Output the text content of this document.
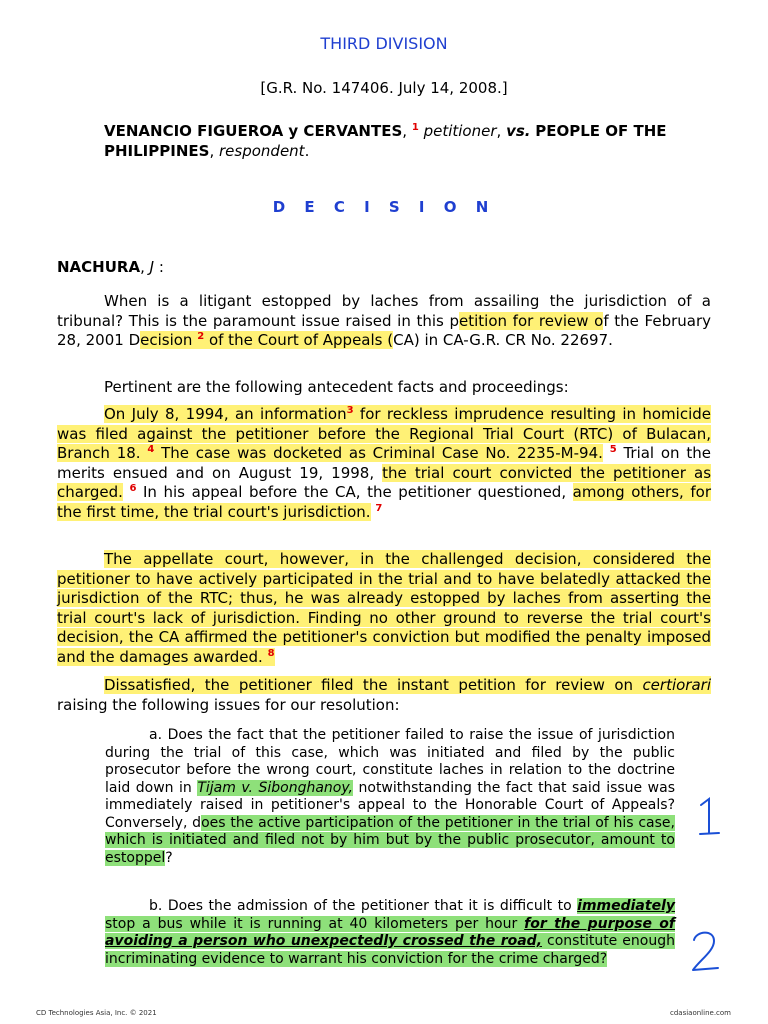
THIRD DIVISION
[G.R. No. 147406. July 14, 2008.]
VENANCIO FIGUEROA y CERVANTES, $^1$ petitioner, vs. PEOPLE OF THE PHILIPPINES, respondent.
D E C I S I O N
NACHURA, J :
When is a litigant estopped by laches from assailing the jurisdiction of a tribunal? This is the paramount issue raised in this petition for review of the February 28, 2001 Decision $^2$ of the Court of Appeals (CA) in CA-G.R. CR No. 22697.
Pertinent are the following antecedent facts and proceedings:
On July 8, 1994, an information$^3$ for reckless imprudence resulting in homicide was filed against the petitioner before the Regional Trial Court (RTC) of Bulacan, Branch 18. $^4$ The case was docketed as Criminal Case No. 2235-M-94. $^5$ Trial on the merits ensued and on August 19, 1998, the trial court convicted the petitioner as charged. $^6$ In his appeal before the CA, the petitioner questioned, among others, for the first time, the trial court's jurisdiction. $^7$
The appellate court, however, in the challenged decision, considered the petitioner to have actively participated in the trial and to have belatedly attacked the jurisdiction of the RTC; thus, he was already estopped by laches from asserting the trial court's lack of jurisdiction. Finding no other ground to reverse the trial court's decision, the CA affirmed the petitioner's conviction but modified the penalty imposed and the damages awarded. $^8$
Dissatisfied, the petitioner filed the instant petition for review on certiorari raising the following issues for our resolution:
a. Does the fact that the petitioner failed to raise the issue of jurisdiction during the trial of this case, which was initiated and filed by the public prosecutor before the wrong court, constitute laches in relation to the doctrine laid down in Tijam v. Sibonghanoy, notwithstanding the fact that said issue was immediately raised in petitioner's appeal to the Honorable Court of Appeals? Conversely, does the active participation of the petitioner in the trial of his case, which is initiated and filed not by him but by the public prosecutor, amount to estoppel?
b. Does the admission of the petitioner that it is difficult to immediately stop a bus while it is running at 40 kilometers per hour for the purpose of avoiding a person who unexpectedly crossed the road, constitute enough incriminating evidence to warrant his conviction for the crime charged?
CD Technologies Asia, Inc. © 2021	cdasiaonline.com
